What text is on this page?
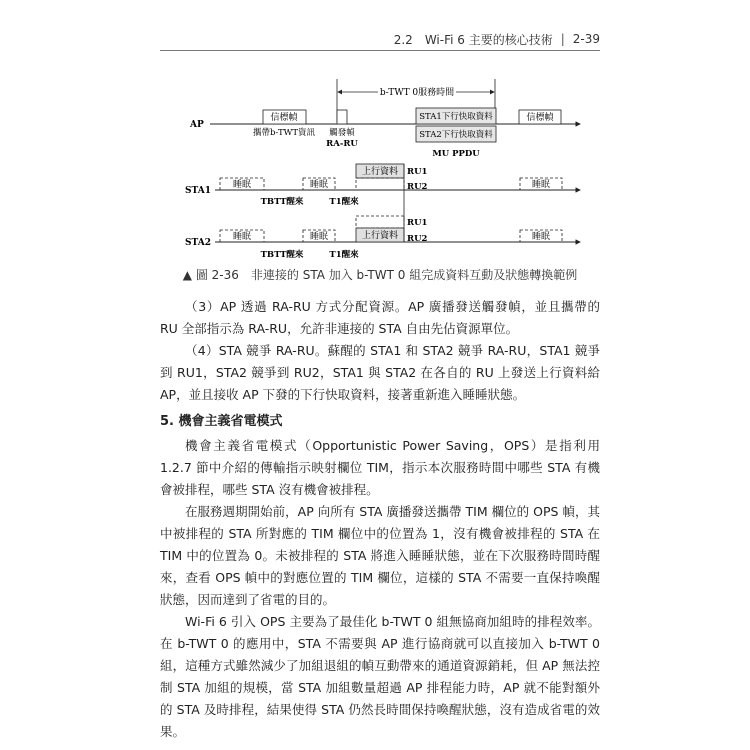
2.2　Wi-Fi 6 主要的核心技術 | 2-39
b-TWT 0服務時間
AP
信標幀
攜帶b-TWT資訊 觸發幀
RA-RU
STA1下行快取資料
STA2下行快取資料
MU PPDU
信標幀
STA1
睡眠	睡眠
上行資料 RU1
RU2	睡眠
TBTT醒來	T1醒來
STA2
睡眠	睡眠	上行資料
RU1
RU2	睡眠
TBTT醒來	T1醒來
▲ 圖 2-36　非連接的 STA 加入 b-TWT 0 組完成資料互動及狀態轉換範例

（3）AP 透過 RA-RU 方式分配資源。AP 廣播發送觸發幀，並且攜帶的 RU 全部指示為 RA-RU，允許非連接的 STA 自由先佔資源單位。

（4）STA 競爭 RA-RU。蘇醒的 STA1 和 STA2 競爭 RA-RU，STA1 競爭到 RU1，STA2 競爭到 RU2，STA1 與 STA2 在各自的 RU 上發送上行資料給 AP，並且接收 AP 下發的下行快取資料，接著重新進入睡睡狀態。

5. 機會主義省電模式

機會主義省電模式（Opportunistic Power Saving，OPS）是指利用 1.2.7 節中介紹的傳輸指示映射欄位 TIM，指示本次服務時間中哪些 STA 有機會被排程，哪些 STA 沒有機會被排程。

在服務週期開始前，AP 向所有 STA 廣播發送攜帶 TIM 欄位的 OPS 幀，其中被排程的 STA 所對應的 TIM 欄位中的位置為 1，沒有機會被排程的 STA 在 TIM 中的位置為 0。未被排程的 STA 將進入睡睡狀態，並在下次服務時間時醒來，查看 OPS 幀中的對應位置的 TIM 欄位，這樣的 STA 不需要一直保持喚醒狀態，因而達到了省電的目的。

Wi-Fi 6 引入 OPS 主要為了最佳化 b-TWT 0 組無協商加組時的排程效率。在 b-TWT 0 的應用中，STA 不需要與 AP 進行協商就可以直接加入 b-TWT 0 組，這種方式雖然減少了加組退組的幀互動帶來的通道資源銷耗，但 AP 無法控制 STA 加組的規模，當 STA 加組數量超過 AP 排程能力時，AP 就不能對額外的 STA 及時排程，結果使得 STA 仍然長時間保持喚醒狀態，沒有造成省電的效果。
